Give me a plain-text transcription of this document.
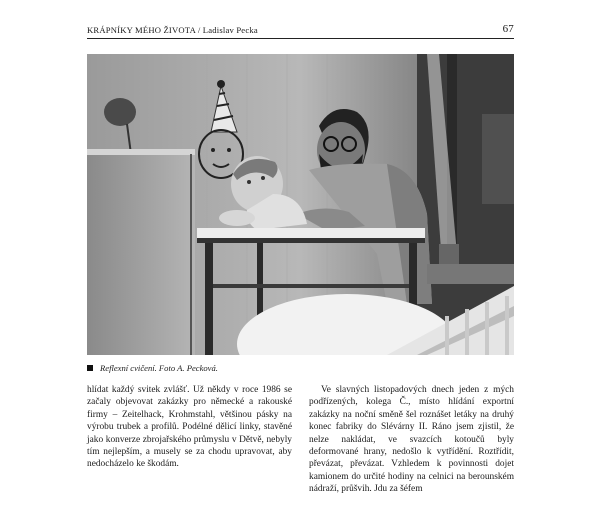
KRÁPNÍKY MÉHO ŽIVOTA / Ladislav Pecka	67
Reflexní cvičení. Foto A. Pecková.
hlídat každý svitek zvlášť. Už někdy v roce 1986 se začaly objevovat zakázky pro německé a rakouské firmy – Zeitelhack, Krohmstahl, většinou pásky na výrobu trubek a profilů. Podélné dělicí linky, stavěné jako konverze zbrojařského průmyslu v Dětvě, nebyly tím nejlepším, a musely se za chodu upravovat, aby nedocházelo ke škodám.
Ve slavných listopadových dnech jeden z mých podřízených, kolega Č., místo hlídání exportní zakázky na noční směně šel roznášet letáky na druhý konec fabriky do Slévárny II. Ráno jsem zjistil, že nelze nakládat, ve svazcích kotoučů byly deformované hrany, nedošlo k vytřídění. Roztřídit, převázat, převázat. Vzhledem k povinnosti dojet kamionem do určité hodiny na celnici na berounském nádraží, průšvih. Jdu za šéfem
